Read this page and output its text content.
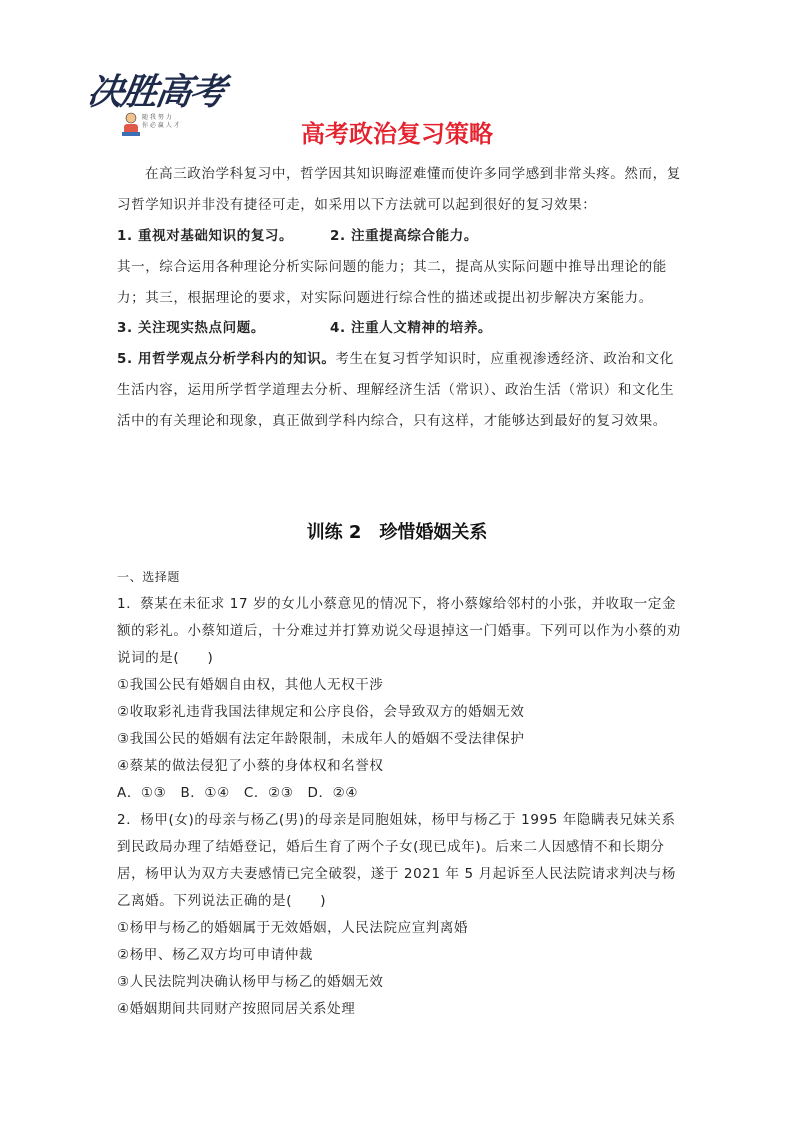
决胜高考
随 我 努 力
你 必 赢 人 才	高考政治复习策略
在高三政治学科复习中，哲学因其知识晦涩难懂而使许多同学感到非常头疼。然而，复习哲学知识并非没有捷径可走，如采用以下方法就可以起到很好的复习效果：
1. 重视对基础知识的复习。	2. 注重提高综合能力。
其一，综合运用各种理论分析实际问题的能力；其二，提高从实际问题中推导出理论的能力；其三，根据理论的要求，对实际问题进行综合性的描述或提出初步解决方案能力。
3. 关注现实热点问题。	4. 注重人文精神的培养。
5. 用哲学观点分析学科内的知识。考生在复习哲学知识时，应重视渗透经济、政治和文化生活内容，运用所学哲学道理去分析、理解经济生活（常识）、政治生活（常识）和文化生活中的有关理论和现象，真正做到学科内综合，只有这样，才能够达到最好的复习效果。
训练 2　珍惜婚姻关系
一、选择题
1．蔡某在未征求 17 岁的女儿小蔡意见的情况下，将小蔡嫁给邻村的小张，并收取一定金额的彩礼。小蔡知道后，十分难过并打算劝说父母退掉这一门婚事。下列可以作为小蔡的劝说词的是(　　)
①我国公民有婚姻自由权，其他人无权干涉
②收取彩礼违背我国法律规定和公序良俗，会导致双方的婚姻无效
③我国公民的婚姻有法定年龄限制，未成年人的婚姻不受法律保护
④蔡某的做法侵犯了小蔡的身体权和名誉权
A．①③　B．①④　C．②③　D．②④
2．杨甲(女)的母亲与杨乙(男)的母亲是同胞姐妹，杨甲与杨乙于 1995 年隐瞒表兄妹关系到民政局办理了结婚登记，婚后生育了两个子女(现已成年)。后来二人因感情不和长期分居，杨甲认为双方夫妻感情已完全破裂，遂于 2021 年 5 月起诉至人民法院请求判决与杨乙离婚。下列说法正确的是(　　)
①杨甲与杨乙的婚姻属于无效婚姻，人民法院应宣判离婚
②杨甲、杨乙双方均可申请仲裁
③人民法院判决确认杨甲与杨乙的婚姻无效
④婚姻期间共同财产按照同居关系处理
